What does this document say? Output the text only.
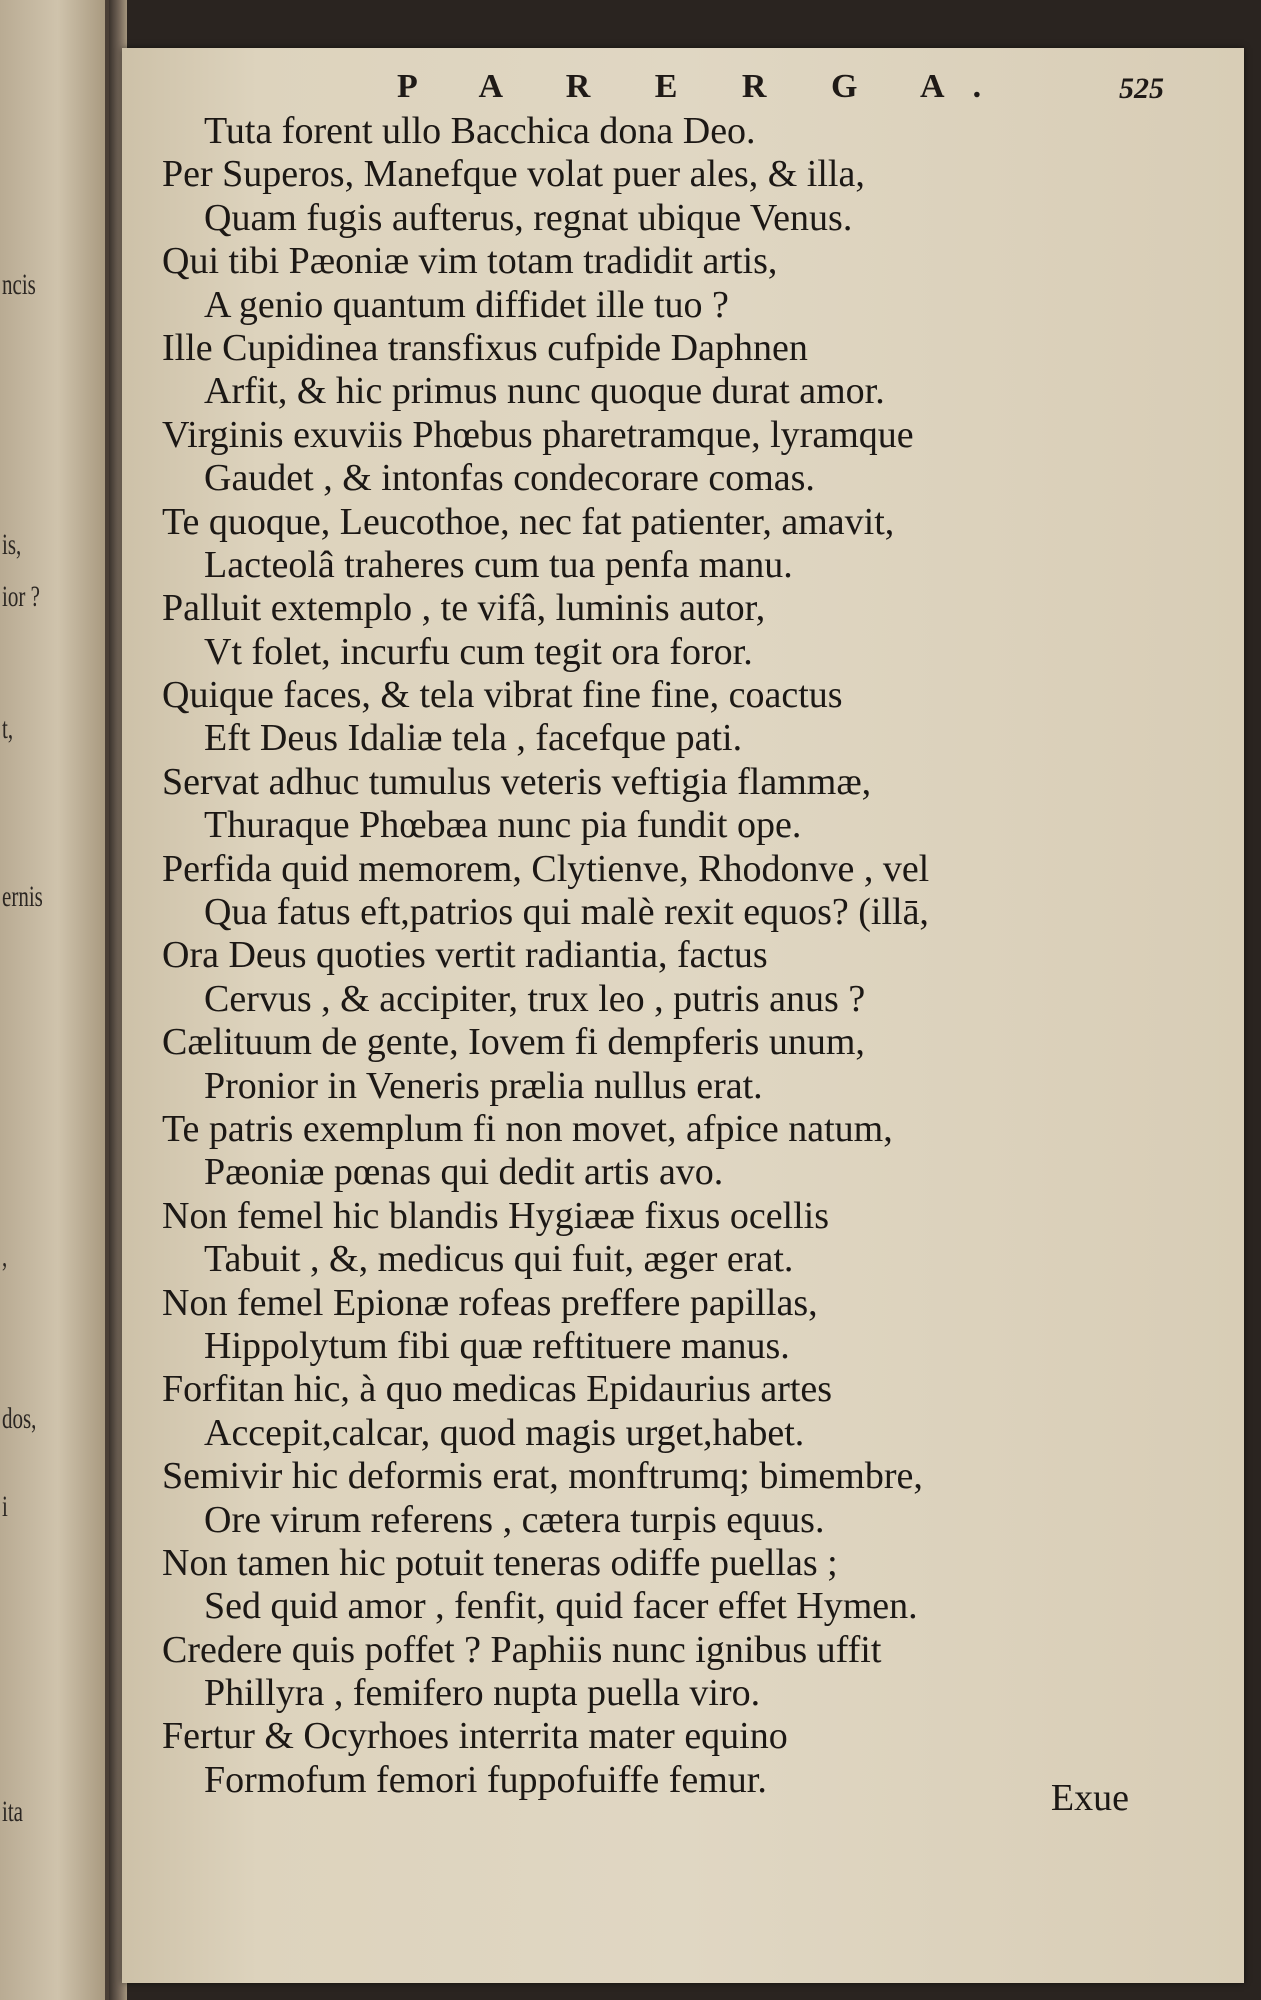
ncis
is,
ior ?
t,
ernis
,
dos,
i
ita
P A R E R G A.	525
Tuta forent ullo Bacchica dona Deo.
Per Superos, Manefque volat puer ales, & illa,
Quam fugis aufterus, regnat ubique Venus.
Qui tibi Pæoniæ vim totam tradidit artis,
A genio quantum diffidet ille tuo ?
Ille Cupidinea transfixus cufpide Daphnen
Arfit, & hic primus nunc quoque durat amor.
Virginis exuviis Phœbus pharetramque, lyramque
Gaudet , & intonfas condecorare comas.
Te quoque, Leucothoe, nec fat patienter, amavit,
Lacteolâ traheres cum tua penfa manu.
Palluit extemplo , te vifâ, luminis autor,
Vt folet, incurfu cum tegit ora foror.
Quique faces, & tela vibrat fine fine, coactus
Eft Deus Idaliæ tela , facefque pati.
Servat adhuc tumulus veteris veftigia flammæ,
Thuraque Phœbæa nunc pia fundit ope.
Perfida quid memorem, Clytienve, Rhodonve , vel
Qua fatus eft,patrios qui malè rexit equos? (illā,
Ora Deus quoties vertit radiantia, factus
Cervus , & accipiter, trux leo , putris anus ?
Cælituum de gente, Iovem fi dempferis unum,
Pronior in Veneris prælia nullus erat.
Te patris exemplum fi non movet, afpice natum,
Pæoniæ pœnas qui dedit artis avo.
Non femel hic blandis Hygiææ fixus ocellis
Tabuit , &, medicus qui fuit, æger erat.
Non femel Epionæ rofeas preffere papillas,
Hippolytum fibi quæ reftituere manus.
Forfitan hic, à quo medicas Epidaurius artes
Accepit,calcar, quod magis urget,habet.
Semivir hic deformis erat, monftrumq; bimembre,
Ore virum referens , cætera turpis equus.
Non tamen hic potuit teneras odiffe puellas ;
Sed quid amor , fenfit, quid facer effet Hymen.
Credere quis poffet ? Paphiis nunc ignibus uffit
Phillyra , femifero nupta puella viro.
Fertur & Ocyrhoes interrita mater equino
Formofum femori fuppofuiffe femur.	Exue
